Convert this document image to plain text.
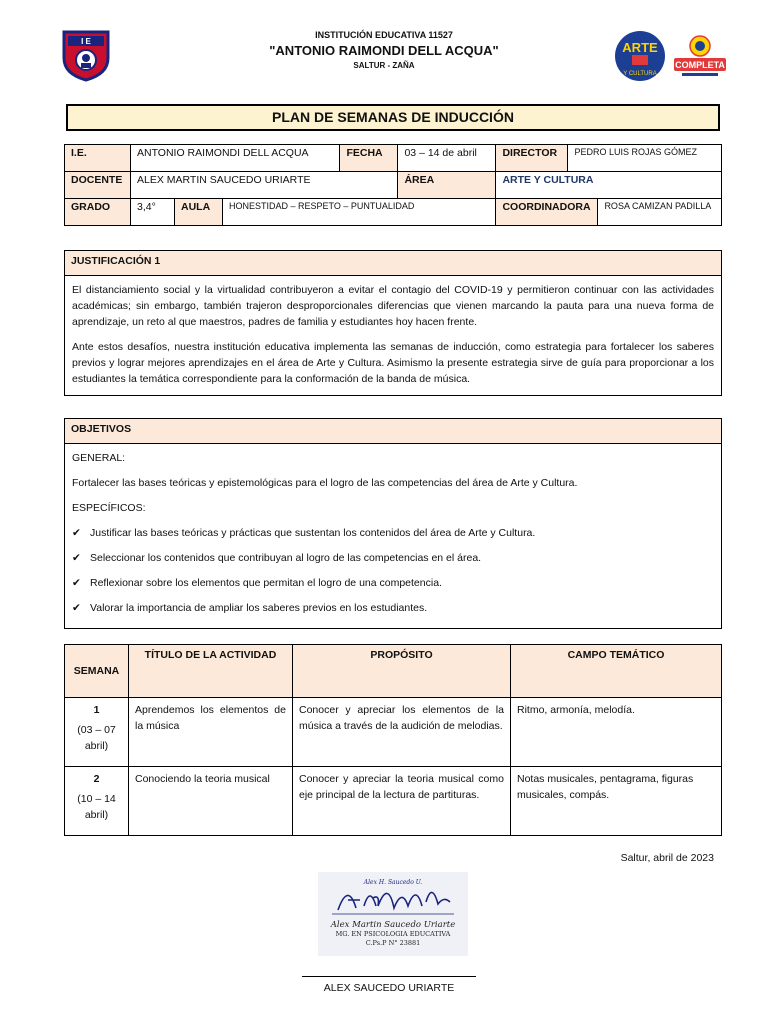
I E
INSTITUCIÓN EDUCATIVA 11527
"ANTONIO RAIMONDI DELL ACQUA"
SALTUR - ZAÑA
ARTE
Y CULTURA
COMPLETA
PLAN DE SEMANAS DE INDUCCIÓN
I.E.	ANTONIO RAIMONDI DELL ACQUA			FECHA	03 – 14 de abril	DIRECTOR	PEDRO LUIS ROJAS GÓMEZ	
DOCENTE	ALEX MARTIN SAUCEDO URIARTE				ÁREA	ARTE Y CULTURA		
GRADO	3,4°	AULA	HONESTIDAD – RESPETO – PUNTUALIDAD			COORDINADORA		ROSA CAMIZAN PADILLA
JUSTIFICACIÓN 1

El distanciamiento social y la virtualidad contribuyeron a evitar el contagio del COVID-19 y permitieron continuar con las actividades académicas; sin embargo, también trajeron desproporcionales diferencias que vienen marcando la pauta para una nueva forma de aprendizaje, un reto al que maestros, padres de familia y estudiantes hoy hacen frente.

Ante estos desafíos, nuestra institución educativa implementa las semanas de inducción, como estrategia para fortalecer los saberes previos y lograr mejores aprendizajes en el área de Arte y Cultura. Asimismo la presente estrategia sirve de guía para proporcionar a los estudiantes la temática correspondiente para la conformación de la banda de música.

OBJETIVOS

GENERAL:

Fortalecer las bases teóricas y epistemológicas para el logro de las competencias del área de Arte y Cultura.

ESPECÍFICOS:

✔ Justificar las bases teóricas y prácticas que sustentan los contenidos del área de Arte y Cultura.

✔ Seleccionar los contenidos que contribuyan al logro de las competencias en el área.

✔ Reflexionar sobre los elementos que permitan el logro de una competencia.

✔ Valorar la importancia de ampliar los saberes previos en los estudiantes.

SEMANA	TÍTULO DE LA ACTIVIDAD	PROPÓSITO	CAMPO TEMÁTICO

1
(03 – 07 abril)	Aprendemos los elementos de la música	Conocer y apreciar los elementos de la música a través de la audición de melodias.	Ritmo, armonía, melodía.

2
(10 – 14 abril)	Conociendo la teoria musical	Conocer y apreciar la teoria musical como eje principal de la lectura de partituras.	Notas musicales, pentagrama, figuras musicales, compás.
Saltur, abril de 2023
Alex H. Saucedo U.
Alex Martin Saucedo Uriarte
MG. EN PSICOLOGIA EDUCATIVA
C.Ps.P N° 23881
ALEX SAUCEDO URIARTE
